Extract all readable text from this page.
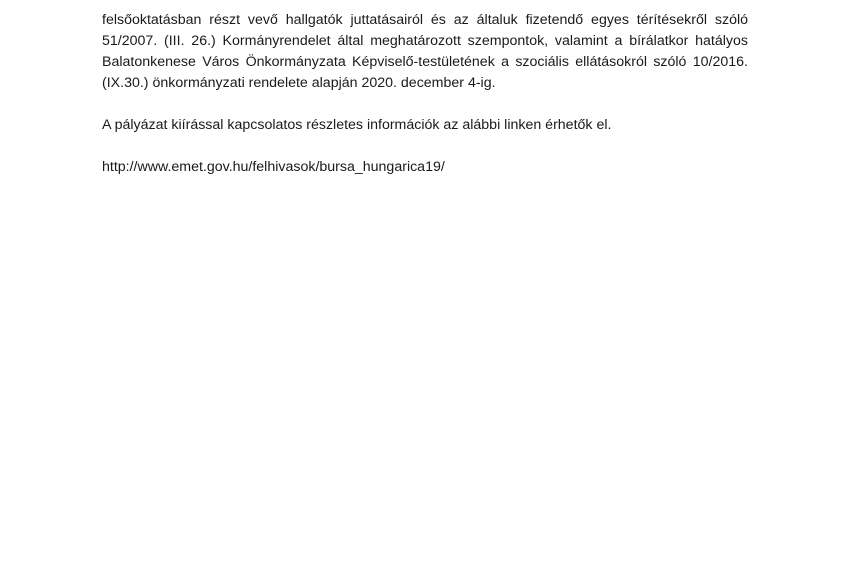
felsőoktatásban részt vevő hallgatók juttatásairól és az általuk fizetendő egyes térítésekről szóló
51/2007. (III. 26.) Kormányrendelet által meghatározott szempontok, valamint a bírálatkor hatályos
Balatonkenese Város Önkormányzata Képviselő-testületének a szociális ellátásokról szóló 10/2016.
(IX.30.) önkormányzati rendelete alapján 2020. december 4-ig.

A pályázat kiírással kapcsolatos részletes információk az alábbi linken érhetők el.

http://www.emet.gov.hu/felhivasok/bursa_hungarica19/
